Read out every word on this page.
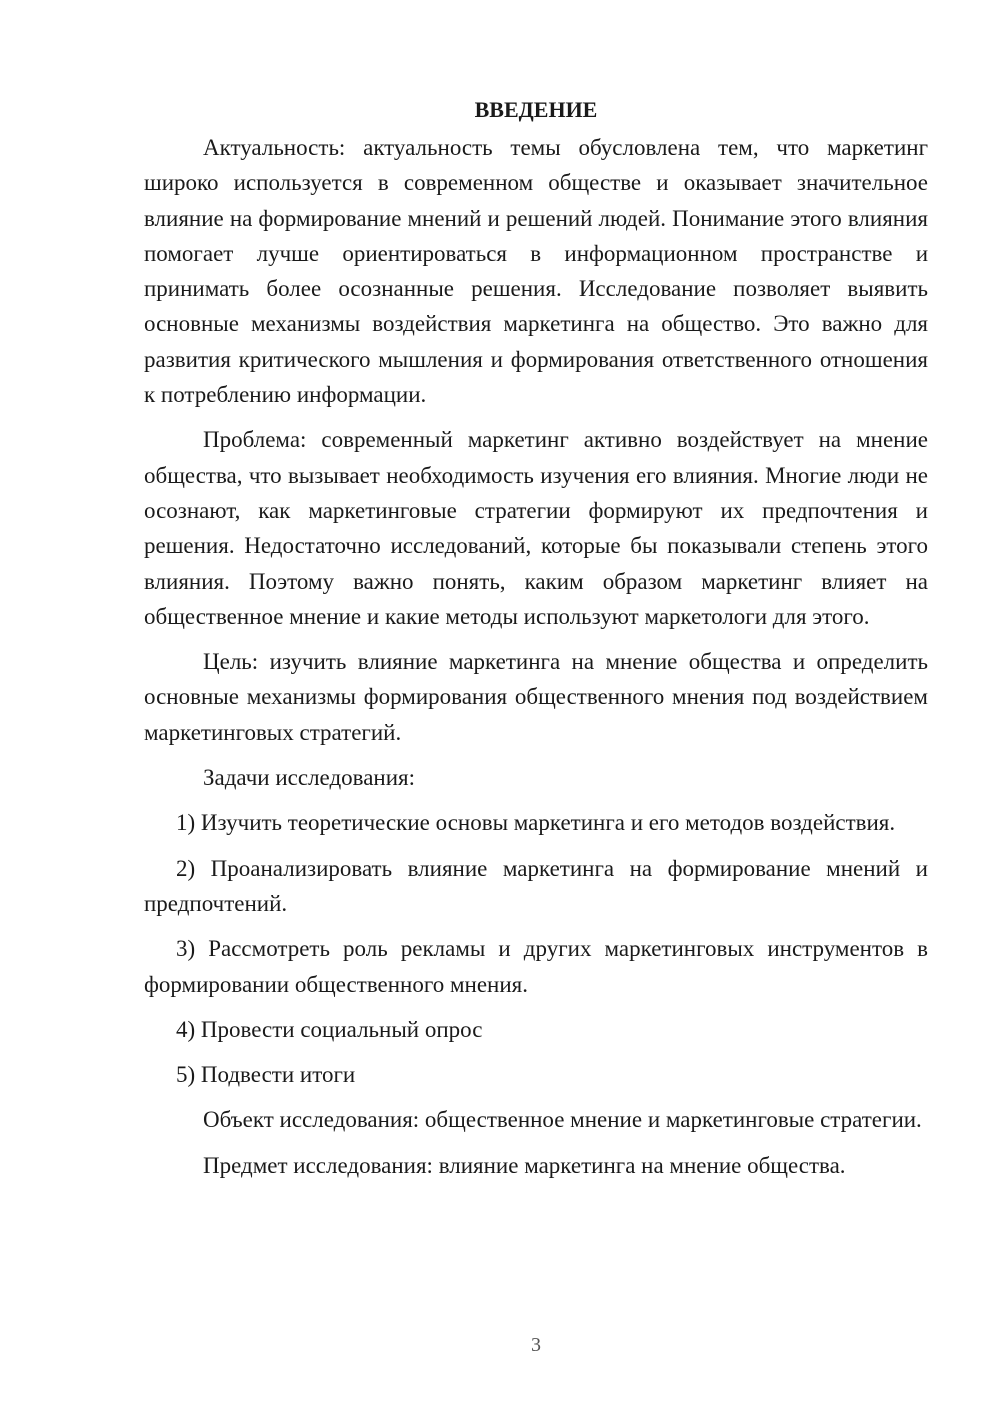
ВВЕДЕНИЕ

Актуальность: актуальность темы обусловлена тем, что маркетинг широко используется в современном обществе и оказывает значительное влияние на формирование мнений и решений людей. Понимание этого влияния помогает лучше ориентироваться в информационном пространстве и принимать более осознанные решения. Исследование позволяет выявить основные механизмы воздействия маркетинга на общество. Это важно для развития критического мышления и формирования ответственного отношения к потреблению информации.

Проблема: современный маркетинг активно воздействует на мнение общества, что вызывает необходимость изучения его влияния. Многие люди не осознают, как маркетинговые стратегии формируют их предпочтения и решения. Недостаточно исследований, которые бы показывали степень этого влияния. Поэтому важно понять, каким образом маркетинг влияет на общественное мнение и какие методы используют маркетологи для этого.

Цель: изучить влияние маркетинга на мнение общества и определить основные механизмы формирования общественного мнения под воздействием маркетинговых стратегий.

Задачи исследования:

1) Изучить теоретические основы маркетинга и его методов воздействия.

2) Проанализировать влияние маркетинга на формирование мнений и предпочтений.

3) Рассмотреть роль рекламы и других маркетинговых инструментов в формировании общественного мнения.

4) Провести социальный опрос

5) Подвести итоги

Объект исследования: общественное мнение и маркетинговые стратегии.

Предмет исследования: влияние маркетинга на мнение общества.

3
